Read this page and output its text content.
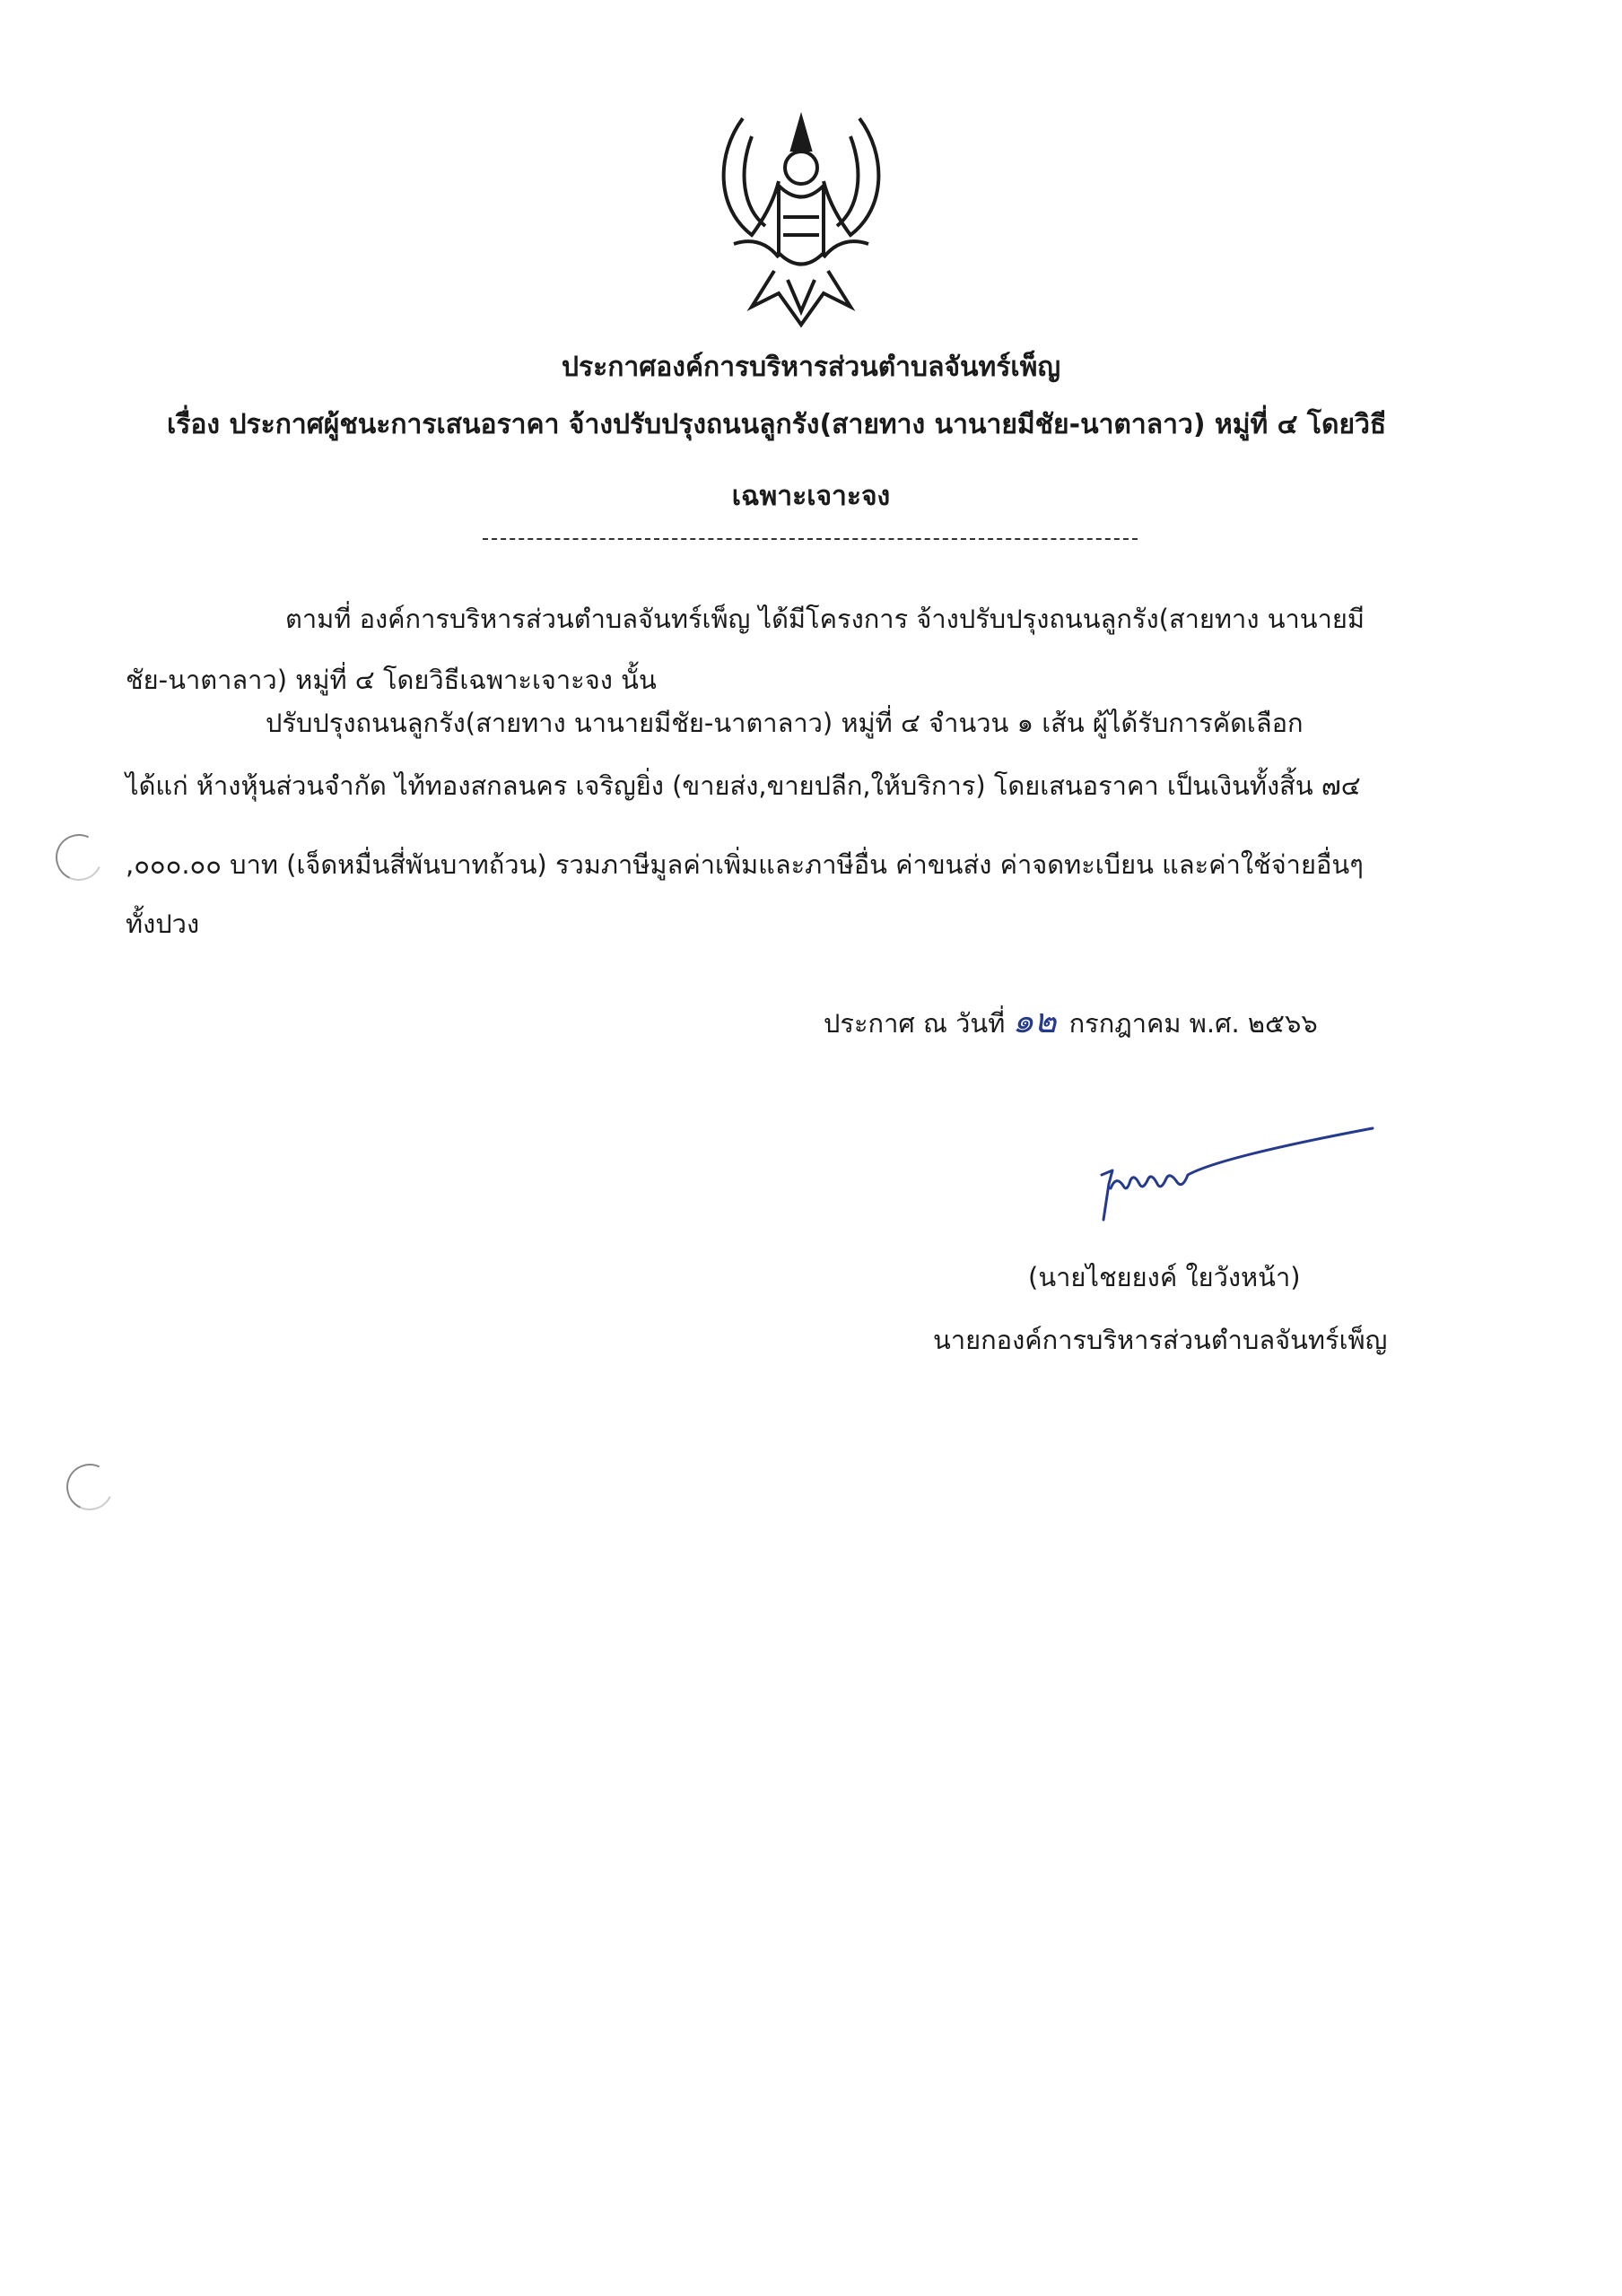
ประกาศองค์การบริหารส่วนตำบลจันทร์เพ็ญ
เรื่อง ประกาศผู้ชนะการเสนอราคา จ้างปรับปรุงถนนลูกรัง(สายทาง นานายมีชัย-นาตาลาว) หมู่ที่ ๔ โดยวิธี
เฉพาะเจาะจง
ตามที่ องค์การบริหารส่วนตำบลจันทร์เพ็ญ ได้มีโครงการ จ้างปรับปรุงถนนลูกรัง(สายทาง นานายมี
ชัย-นาตาลาว) หมู่ที่ ๔ โดยวิธีเฉพาะเจาะจง นั้น
ปรับปรุงถนนลูกรัง(สายทาง นานายมีชัย-นาตาลาว) หมู่ที่ ๔ จำนวน ๑ เส้น ผู้ได้รับการคัดเลือก
ได้แก่ ห้างหุ้นส่วนจำกัด ไท้ทองสกลนคร เจริญยิ่ง (ขายส่ง,ขายปลีก,ให้บริการ) โดยเสนอราคา เป็นเงินทั้งสิ้น ๗๔
,๐๐๐.๐๐ บาท (เจ็ดหมื่นสี่พันบาทถ้วน) รวมภาษีมูลค่าเพิ่มและภาษีอื่น ค่าขนส่ง ค่าจดทะเบียน และค่าใช้จ่ายอื่นๆ
ทั้งปวง
ประกาศ ณ วันที่ ๑๒ กรกฎาคม พ.ศ. ๒๕๖๖
(นายไชยยงค์ ใยวังหน้า)
นายกองค์การบริหารส่วนตำบลจันทร์เพ็ญ
